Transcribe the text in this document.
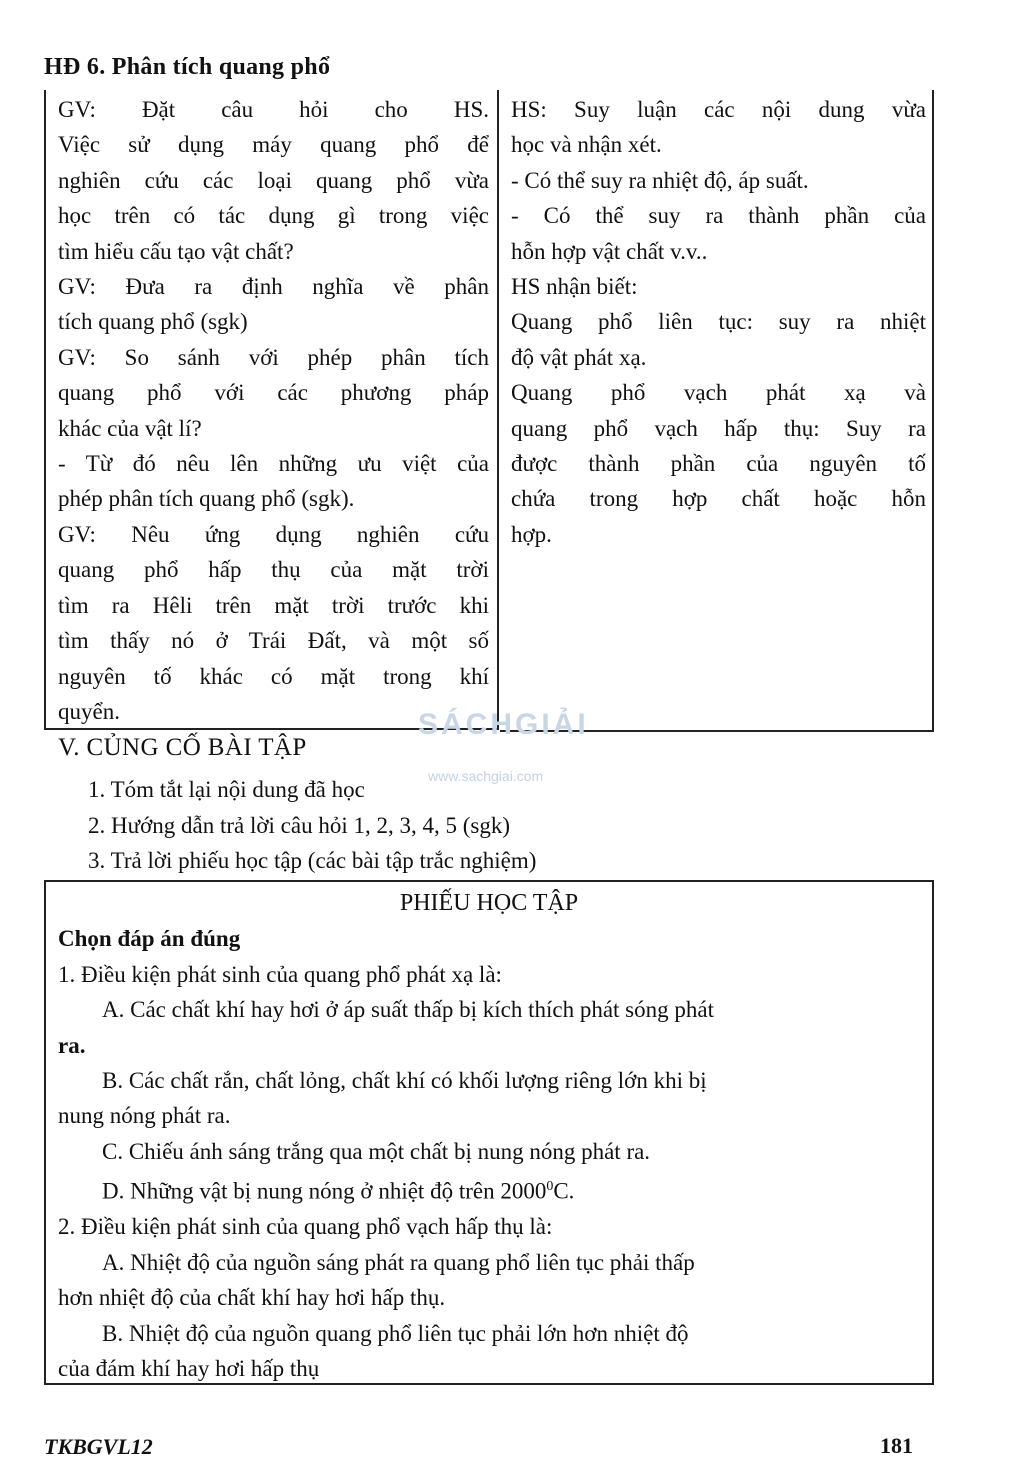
HĐ 6. Phân tích quang phổ
GV: Đặt câu hỏi cho HS.
Việc sử dụng máy quang phổ để
nghiên cứu các loại quang phổ vừa
học trên có tác dụng gì trong việc
tìm hiểu cấu tạo vật chất?
GV: Đưa ra định nghĩa về phân
tích quang phổ (sgk)
GV: So sánh với phép phân tích
quang phổ với các phương pháp
khác của vật lí?
- Từ đó nêu lên những ưu việt của
phép phân tích quang phổ (sgk).
GV: Nêu ứng dụng nghiên cứu
quang phổ hấp thụ của mặt trời
tìm ra Hêli trên mặt trời trước khi
tìm thấy nó ở Trái Đất, và một số
nguyên tố khác có mặt trong khí
quyển.
HS: Suy luận các nội dung vừa
học và nhận xét.
- Có thể suy ra nhiệt độ, áp suất.
- Có thể suy ra thành phần của
hỗn hợp vật chất v.v..
HS nhận biết:
Quang phổ liên tục: suy ra nhiệt
độ vật phát xạ.
Quang phổ vạch phát xạ và
quang phổ vạch hấp thụ: Suy ra
được thành phần của nguyên tố
chứa trong hợp chất hoặc hỗn
hợp.
SÁCHGIẢI
www.sachgiai.com
V. CỦNG CỐ BÀI TẬP
1. Tóm tắt lại nội dung đã học
2. Hướng dẫn trả lời câu hỏi 1, 2, 3, 4, 5 (sgk)
3. Trả lời phiếu học tập (các bài tập trắc nghiệm)
PHIẾU HỌC TẬP
Chọn đáp án đúng
1. Điều kiện phát sinh của quang phổ phát xạ là:
A. Các chất khí hay hơi ở áp suất thấp bị kích thích phát sóng phát
ra.
B. Các chất rắn, chất lỏng, chất khí có khối lượng riêng lớn khi bị
nung nóng phát ra.
C. Chiếu ánh sáng trắng qua một chất bị nung nóng phát ra.
D. Những vật bị nung nóng ở nhiệt độ trên 2000$^0$C.
2. Điều kiện phát sinh của quang phổ vạch hấp thụ là:
A. Nhiệt độ của nguồn sáng phát ra quang phổ liên tục phải thấp
hơn nhiệt độ của chất khí hay hơi hấp thụ.
B. Nhiệt độ của nguồn quang phổ liên tục phải lớn hơn nhiệt độ
của đám khí hay hơi hấp thụ
TKBGVL12	181
